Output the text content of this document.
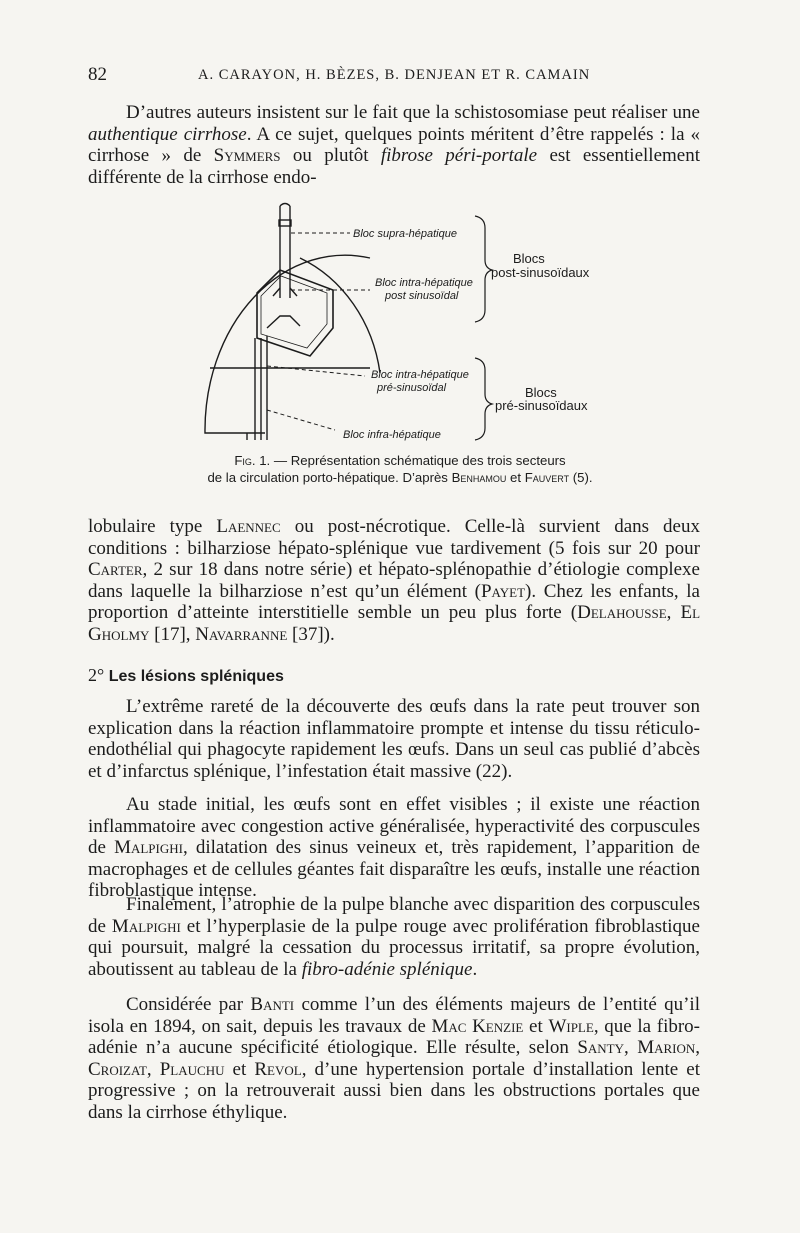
82	A. CARAYON, H. BÈZES, B. DENJEAN ET R. CAMAIN

D’autres auteurs insistent sur le fait que la schistosomiase peut réaliser une authentique cirrhose. A ce sujet, quelques points méritent d’être rappelés : la « cirrhose » de Symmers ou plutôt fibrose péri-portale est essentiellement différente de la cirrhose endo-

Bloc supra-hépatique
Bloc intra-hépatique
post sinusoïdal
Blocs
post-sinusoïdaux
Bloc intra-hépatique
pré-sinusoïdal	Blocs
pré-sinusoïdaux
Bloc infra-hépatique

Fig. 1. — Représentation schématique des trois secteurs
de la circulation porto-hépatique. D’après Benhamou et Fauvert (5).

lobulaire type Laennec ou post-nécrotique. Celle-là survient dans deux conditions : bilharziose hépato-splénique vue tardivement (5 fois sur 20 pour Carter, 2 sur 18 dans notre série) et hépato-splénopathie d’étiologie complexe dans laquelle la bilharziose n’est qu’un élément (Payet). Chez les enfants, la proportion d’atteinte interstitielle semble un peu plus forte (Delahousse, El Gholmy [17], Navarranne [37]).

2° Les lésions spléniques

L’extrême rareté de la découverte des œufs dans la rate peut trouver son explication dans la réaction inflammatoire prompte et intense du tissu réticulo-endothélial qui phagocyte rapidement les œufs. Dans un seul cas publié d’abcès et d’infarctus splénique, l’infestation était massive (22).

Au stade initial, les œufs sont en effet visibles ; il existe une réaction inflammatoire avec congestion active généralisée, hyperactivité des corpuscules de Malpighi, dilatation des sinus veineux et, très rapidement, l’apparition de macrophages et de cellules géantes fait disparaître les œufs, installe une réaction fibroblastique intense.

Finalement, l’atrophie de la pulpe blanche avec disparition des corpuscules de Malpighi et l’hyperplasie de la pulpe rouge avec prolifération fibroblastique qui poursuit, malgré la cessation du processus irritatif, sa propre évolution, aboutissent au tableau de la fibro-adénie splénique.

Considérée par Banti comme l’un des éléments majeurs de l’entité qu’il isola en 1894, on sait, depuis les travaux de Mac Kenzie et Wiple, que la fibro-adénie n’a aucune spécificité étiologique. Elle résulte, selon Santy, Marion, Croizat, Plauchu et Revol, d’une hypertension portale d’installation lente et progressive ; on la retrouverait aussi bien dans les obstructions portales que dans la cirrhose éthylique.
